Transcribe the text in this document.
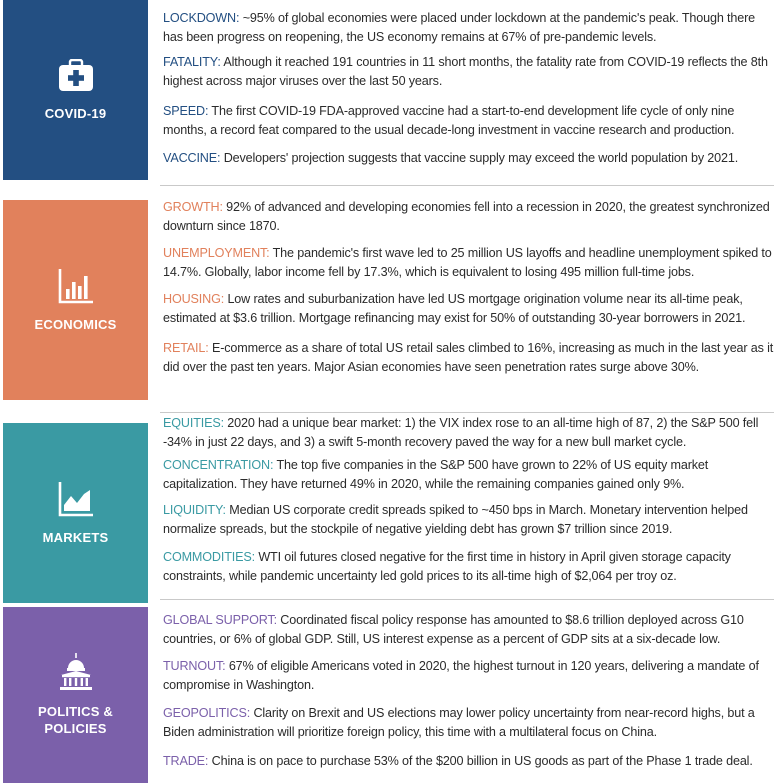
COVID-19
LOCKDOWN: ~95% of global economies were placed under lockdown at the pandemic's peak. Though there has been progress on reopening, the US economy remains at 67% of pre-pandemic levels.
FATALITY: Although it reached 191 countries in 11 short months, the fatality rate from COVID-19 reflects the 8th highest across major viruses over the last 50 years.
SPEED: The first COVID-19 FDA-approved vaccine had a start-to-end development life cycle of only nine months, a record feat compared to the usual decade-long investment in vaccine research and production.
VACCINE: Developers' projection suggests that vaccine supply may exceed the world population by 2021.
ECONOMICS
GROWTH: 92% of advanced and developing economies fell into a recession in 2020, the greatest synchronized downturn since 1870.
UNEMPLOYMENT: The pandemic's first wave led to 25 million US layoffs and headline unemployment spiked to 14.7%. Globally, labor income fell by 17.3%, which is equivalent to losing 495 million full-time jobs.
HOUSING: Low rates and suburbanization have led US mortgage origination volume near its all-time peak, estimated at $3.6 trillion. Mortgage refinancing may exist for 50% of outstanding 30-year borrowers in 2021.
RETAIL: E-commerce as a share of total US retail sales climbed to 16%, increasing as much in the last year as it did over the past ten years. Major Asian economies have seen penetration rates surge above 30%.
MARKETS
EQUITIES: 2020 had a unique bear market: 1) the VIX index rose to an all-time high of 87, 2) the S&P 500 fell -34% in just 22 days, and 3) a swift 5-month recovery paved the way for a new bull market cycle.
CONCENTRATION: The top five companies in the S&P 500 have grown to 22% of US equity market capitalization. They have returned 49% in 2020, while the remaining companies gained only 9%.
LIQUIDITY: Median US corporate credit spreads spiked to ~450 bps in March. Monetary intervention helped normalize spreads, but the stockpile of negative yielding debt has grown $7 trillion since 2019.
COMMODITIES: WTI oil futures closed negative for the first time in history in April given storage capacity constraints, while pandemic uncertainty led gold prices to its all-time high of $2,064 per troy oz.
POLITICS & POLICIES
GLOBAL SUPPORT: Coordinated fiscal policy response has amounted to $8.6 trillion deployed across G10 countries, or 6% of global GDP. Still, US interest expense as a percent of GDP sits at a six-decade low.
TURNOUT: 67% of eligible Americans voted in 2020, the highest turnout in 120 years, delivering a mandate of compromise in Washington.
GEOPOLITICS: Clarity on Brexit and US elections may lower policy uncertainty from near-record highs, but a Biden administration will prioritize foreign policy, this time with a multilateral focus on China.
TRADE: China is on pace to purchase 53% of the $200 billion in US goods as part of the Phase 1 trade deal.
